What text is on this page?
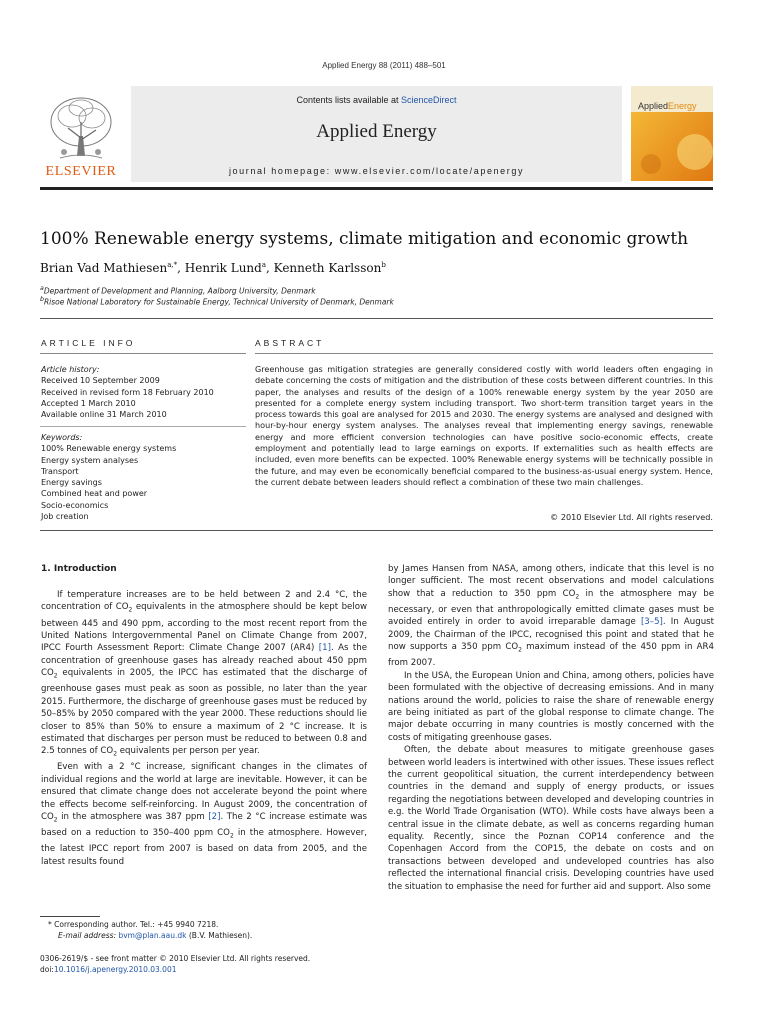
Applied Energy 88 (2011) 488–501
ELSEVIER
Contents lists available at ScienceDirect
Applied Energy
journal homepage: www.elsevier.com/locate/apenergy
AppliedEnergy
100% Renewable energy systems, climate mitigation and economic growth
Brian Vad Mathiesen$^{a,*}$, Henrik Lund$^a$, Kenneth Karlsson$^b$
$^a$Department of Development and Planning, Aalborg University, Denmark
$^b$Risoe National Laboratory for Sustainable Energy, Technical University of Denmark, Denmark
ARTICLE INFO
Article history:
Received 10 September 2009
Received in revised form 18 February 2010
Accepted 1 March 2010
Available online 31 March 2010
Keywords:
100% Renewable energy systems
Energy system analyses
Transport
Energy savings
Combined heat and power
Socio-economics
Job creation
ABSTRACT
Greenhouse gas mitigation strategies are generally considered costly with world leaders often engaging in debate concerning the costs of mitigation and the distribution of these costs between different countries. In this paper, the analyses and results of the design of a 100% renewable energy system by the year 2050 are presented for a complete energy system including transport. Two short-term transition target years in the process towards this goal are analysed for 2015 and 2030. The energy systems are analysed and designed with hour-by-hour energy system analyses. The analyses reveal that implementing energy savings, renewable energy and more efficient conversion technologies can have positive socio-economic effects, create employment and potentially lead to large earnings on exports. If externalities such as health effects are included, even more benefits can be expected. 100% Renewable energy systems will be technically possible in the future, and may even be economically beneficial compared to the business-as-usual energy system. Hence, the current debate between leaders should reflect a combination of these two main challenges.
© 2010 Elsevier Ltd. All rights reserved.
1. Introduction

If temperature increases are to be held between 2 and 2.4 °C, the concentration of $CO_2$ equivalents in the atmosphere should be kept below between 445 and 490 ppm, according to the most recent report from the United Nations Intergovernmental Panel on Climate Change from 2007, IPCC Fourth Assessment Report: Climate Change 2007 (AR4) [1]. As the concentration of greenhouse gases has already reached about 450 ppm $CO_2$ equivalents in 2005, the IPCC has estimated that the discharge of greenhouse gases must peak as soon as possible, no later than the year 2015. Furthermore, the discharge of greenhouse gases must be reduced by 50–85% by 2050 compared with the year 2000. These reductions should lie closer to 85% than 50% to ensure a maximum of 2 °C increase. It is estimated that discharges per person must be reduced to between 0.8 and 2.5 tonnes of $CO_2$ equivalents per person per year.

Even with a 2 °C increase, significant changes in the climates of individual regions and the world at large are inevitable. However, it can be ensured that climate change does not accelerate beyond the point where the effects become self-reinforcing. In August 2009, the concentration of $CO_2$ in the atmosphere was 387 ppm [2]. The 2 °C increase estimate was based on a reduction to 350–400 ppm $CO_2$ in the atmosphere. However, the latest IPCC report from 2007 is based on data from 2005, and the latest results found

by James Hansen from NASA, among others, indicate that this level is no longer sufficient. The most recent observations and model calculations show that a reduction to 350 ppm $CO_2$ in the atmosphere may be necessary, or even that anthropologically emitted climate gases must be avoided entirely in order to avoid irreparable damage [3–5]. In August 2009, the Chairman of the IPCC, recognised this point and stated that he now supports a 350 ppm $CO_2$ maximum instead of the 450 ppm in AR4 from 2007.

In the USA, the European Union and China, among others, policies have been formulated with the objective of decreasing emissions. And in many nations around the world, policies to raise the share of renewable energy are being initiated as part of the global response to climate change. The major debate occurring in many countries is mostly concerned with the costs of mitigating greenhouse gases.

Often, the debate about measures to mitigate greenhouse gases between world leaders is intertwined with other issues. These issues reflect the current geopolitical situation, the current interdependency between countries in the demand and supply of energy products, or issues regarding the negotiations between developed and developing countries in e.g. the World Trade Organisation (WTO). While costs have always been a central issue in the climate debate, as well as concerns regarding human equality. Recently, since the Poznan COP14 conference and the Copenhagen Accord from the COP15, the debate on costs and on transactions between developed and undeveloped countries has also reflected the international financial crisis. Developing countries have used the situation to emphasise the need for further aid and support. Also some

* Corresponding author. Tel.: +45 9940 7218.
E-mail address: bvm@plan.aau.dk (B.V. Mathiesen).
0306-2619/$ - see front matter © 2010 Elsevier Ltd. All rights reserved.
doi:10.1016/j.apenergy.2010.03.001
